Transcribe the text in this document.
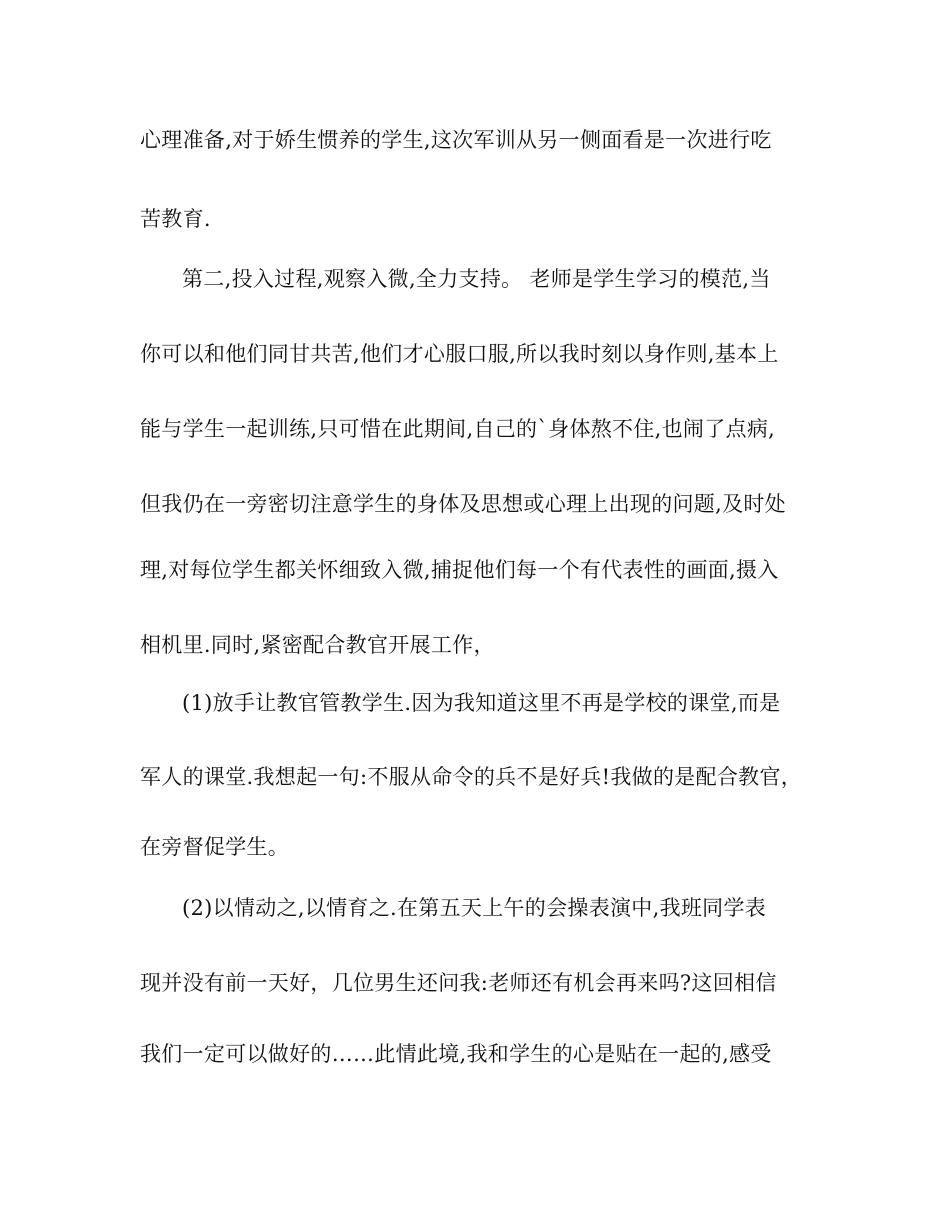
心理准备,对于娇生惯养的学生,这次军训从另一侧面看是一次进行吃
苦教育.
第二,投入过程,观察入微,全力支持。 老师是学生学习的模范,当
你可以和他们同甘共苦,他们才心服口服,所以我时刻以身作则,基本上
能与学生一起训练,只可惜在此期间,自己的`身体熬不住,也闹了点病,
但我仍在一旁密切注意学生的身体及思想或心理上出现的问题,及时处
理,对每位学生都关怀细致入微,捕捉他们每一个有代表性的画面,摄入
相机里.同时,紧密配合教官开展工作，
(1)放手让教官管教学生.因为我知道这里不再是学校的课堂,而是
军人的课堂.我想起一句:不服从命令的兵不是好兵!我做的是配合教官，
在旁督促学生。
(2)以情动之,以情育之.在第五天上午的会操表演中,我班同学表
现并没有前一天好，几位男生还问我:老师还有机会再来吗?这回相信
我们一定可以做好的……此情此境,我和学生的心是贴在一起的,感受
